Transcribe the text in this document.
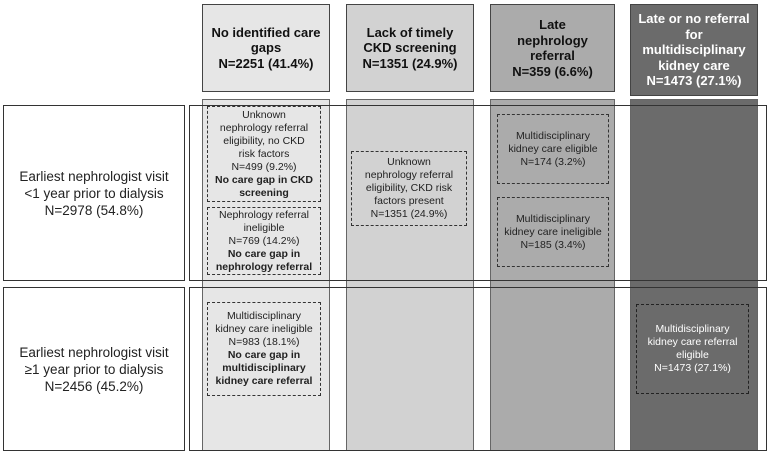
No identified care gaps
N=2251 (41.4%)
Lack of timely CKD screening
N=1351 (24.9%)
Late nephrology referral
N=359 (6.6%)
Late or no referral for multidisciplinary kidney care
N=1473 (27.1%)
Earliest nephrologist visit
<1 year prior to dialysis
N=2978 (54.8%)
Earliest nephrologist visit
≥1 year prior to dialysis
N=2456 (45.2%)
Unknown
nephrology referral
eligibility, no CKD
risk factors
N=499 (9.2%)
No care gap in CKD
screening
Nephrology referral
ineligible
N=769 (14.2%)
No care gap in
nephrology referral
Multidisciplinary
kidney care ineligible
N=983 (18.1%)
No care gap in
multidisciplinary
kidney care referral
Unknown
nephrology referral
eligibility, CKD risk
factors present
N=1351 (24.9%)
Multidisciplinary
kidney care eligible
N=174 (3.2%)
Multidisciplinary
kidney care ineligible
N=185 (3.4%)
Multidisciplinary
kidney care referral
eligible
N=1473 (27.1%)
